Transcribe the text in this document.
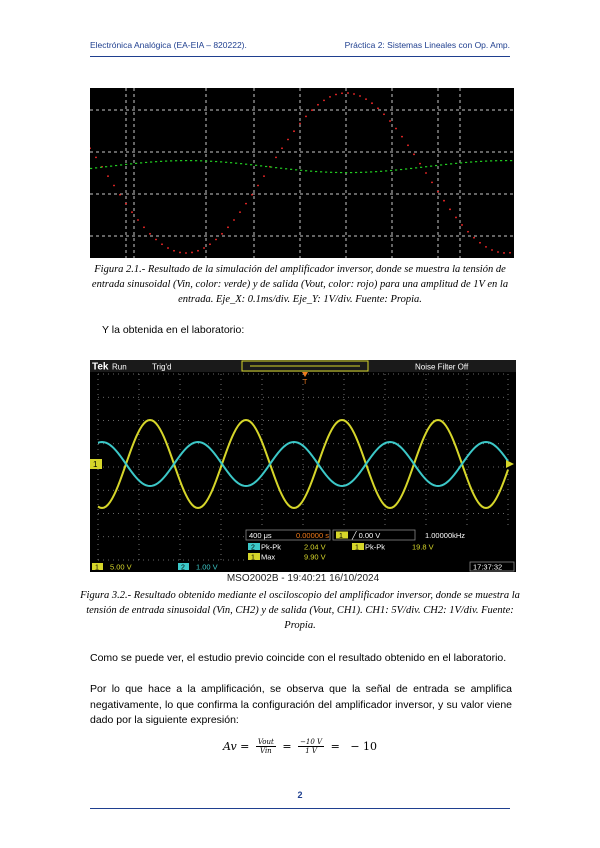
Electrónica Analógica (EA-EIA – 820222).	Práctica 2: Sistemas Lineales con Op. Amp.
Figura 2.1.- Resultado de la simulación del amplificador inversor, donde se muestra la tensión de entrada sinusoidal (Vin, color: verde) y de salida (Vout, color: rojo) para una amplitud de 1V en la entrada. Eje_X: 0.1ms/div. Eje_Y: 1V/div. Fuente: Propia.
Y la obtenida en el laboratorio:
Tek Run	Trig'd	Noise Filter Off
T
1
400 μs	0.00000 s 1 ╱ 0.00 V	1.00000kHz
2 Pk-Pk	2.04 V	1 Pk-Pk	19.8 V
1 Max	9.90 V
1 5.00 V	2 1.00 V	17:37:32
MSO2002B - 19:40:21 16/10/2024
Figura 3.2.- Resultado obtenido mediante el osciloscopio del amplificador inversor, donde se muestra la tensión de entrada sinusoidal (Vin, CH2) y de salida (Vout, CH1). CH1: 5V/div. CH2: 1V/div. Fuente: Propia.
Como se puede ver, el estudio previo coincide con el resultado obtenido en el laboratorio.
Por lo que hace a la amplificación, se observa que la señal de entrada se amplifica negativamente, lo que confirma la configuración del amplificador inversor, y su valor viene dado por la siguiente expresión:
$Av = \frac{\text{Vout}}{\text{Vin}} = \frac{-10 V}{1 V}$ =   − 10
2
